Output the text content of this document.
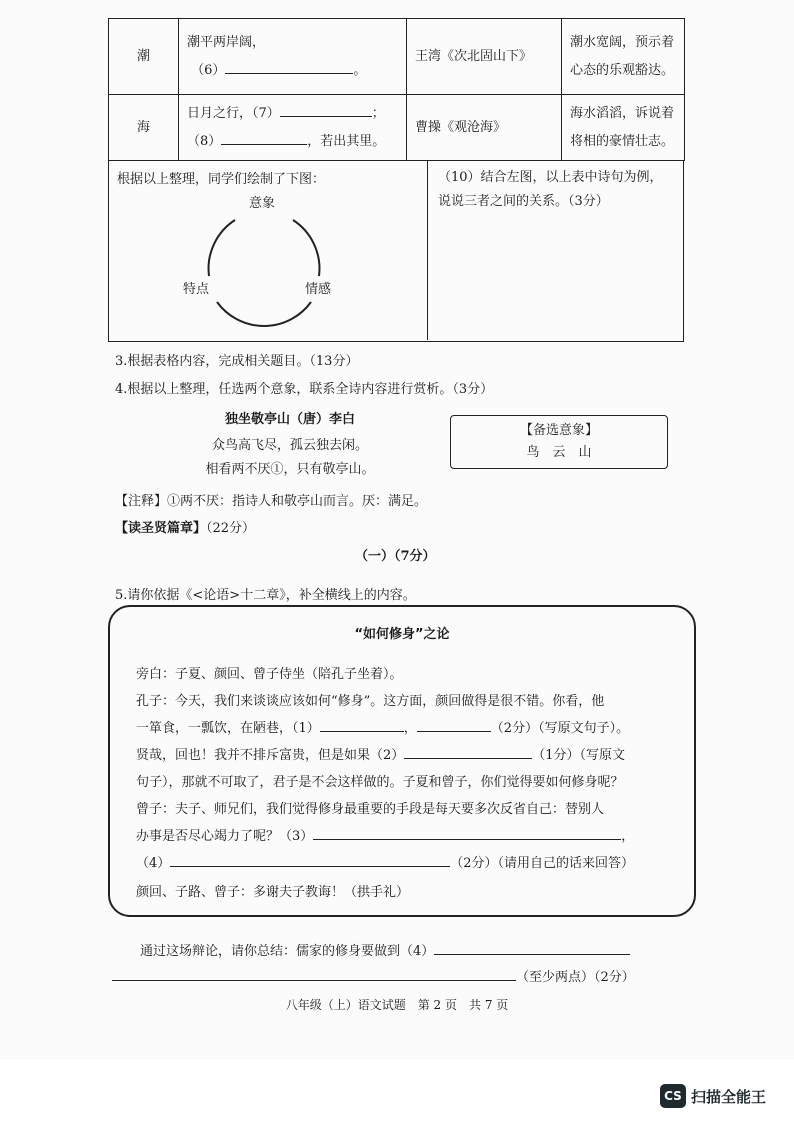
潮	潮平两岸阔，
（6） 。	王湾《次北固山下》	潮水宽阔，预示着心态的乐观豁达。
海	日月之行，（7） ；
（8） ，若出其里。	曹操《观沧海》	海水滔滔，诉说着将相的豪情壮志。
根据以上整理，同学们绘制了下图：
意象
特点	情感
（10）结合左图，以上表中诗句为例，说说三者之间的关系。（3分）
3.根据表格内容，完成相关题目。（13分）
4.根据以上整理，任选两个意象，联系全诗内容进行赏析。（3分）
独坐敬亭山（唐）李白
众鸟高飞尽，孤云独去闲。
相看两不厌①，只有敬亭山。
【备选意象】
鸟　云　山
【注释】①两不厌：指诗人和敬亭山而言。厌：满足。
【读圣贤篇章】（22分）
（一）（7分）
5.请你依据《<论语>十二章》，补全横线上的内容。
“如何修身”之论
旁白：子夏、颜回、曾子侍坐（陪孔子坐着）。
孔子：今天，我们来谈谈应该如何“修身”。这方面，颜回做得是很不错。你看，他
一箪食，一瓢饮，在陋巷，（1）	，	（2分）（写原文句子）。
贤哉，回也！我并不排斥富贵，但是如果（2）	（1分）（写原文
句子），那就不可取了，君子是不会这样做的。子夏和曾子，你们觉得要如何修身呢？
曾子：夫子、师兄们，我们觉得修身最重要的手段是每天要多次反省自己：替别人
办事是否尽心竭力了呢？（3）	，
（4）	（2分）（请用自己的话来回答）
颜回、子路、曾子：多谢夫子教诲！（拱手礼）
通过这场辩论，请你总结：儒家的修身要做到（4）
（至少两点）（2分）
八年级（上）语文试题　第 2 页　共 7 页
CS 扫描全能王
